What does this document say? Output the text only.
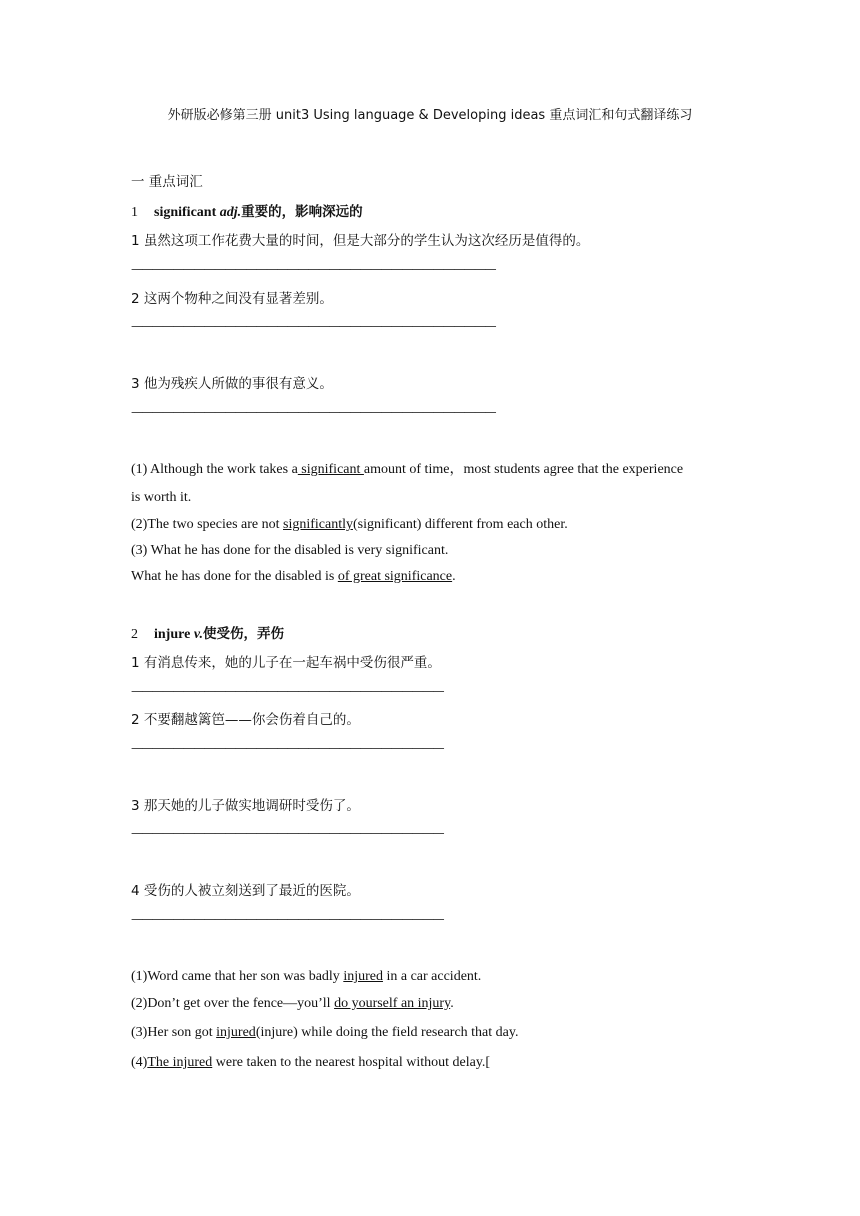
外研版必修第三册 unit3 Using language & Developing ideas 重点词汇和句式翻译练习
一 重点词汇
1 significant adj.重要的，影响深远的
1 虽然这项工作花费大量的时间，但是大部分的学生认为这次经历是值得的。
———————————————————————————————————
2 这两个物种之间没有显著差别。
———————————————————————————————————
3 他为残疾人所做的事很有意义。
———————————————————————————————————
(1) Although the work takes a significant amount of time，most students agree that the experience
is worth it.
(2)The two species are not significantly(significant) different from each other.
(3) What he has done for the disabled is very significant.
What he has done for the disabled is of great significance.
2 injure v.使受伤，弄伤
1 有消息传来，她的儿子在一起车祸中受伤很严重。
——————————————————————————————
2 不要翻越篱笆——你会伤着自己的。
——————————————————————————————
3 那天她的儿子做实地调研时受伤了。
——————————————————————————————
4 受伤的人被立刻送到了最近的医院。
——————————————————————————————
(1)Word came that her son was badly injured in a car accident.
(2)Don’t get over the fence—you’ll do yourself an injury.
(3)Her son got injured(injure) while doing the field research that day.
(4)The injured were taken to the nearest hospital without delay.[
